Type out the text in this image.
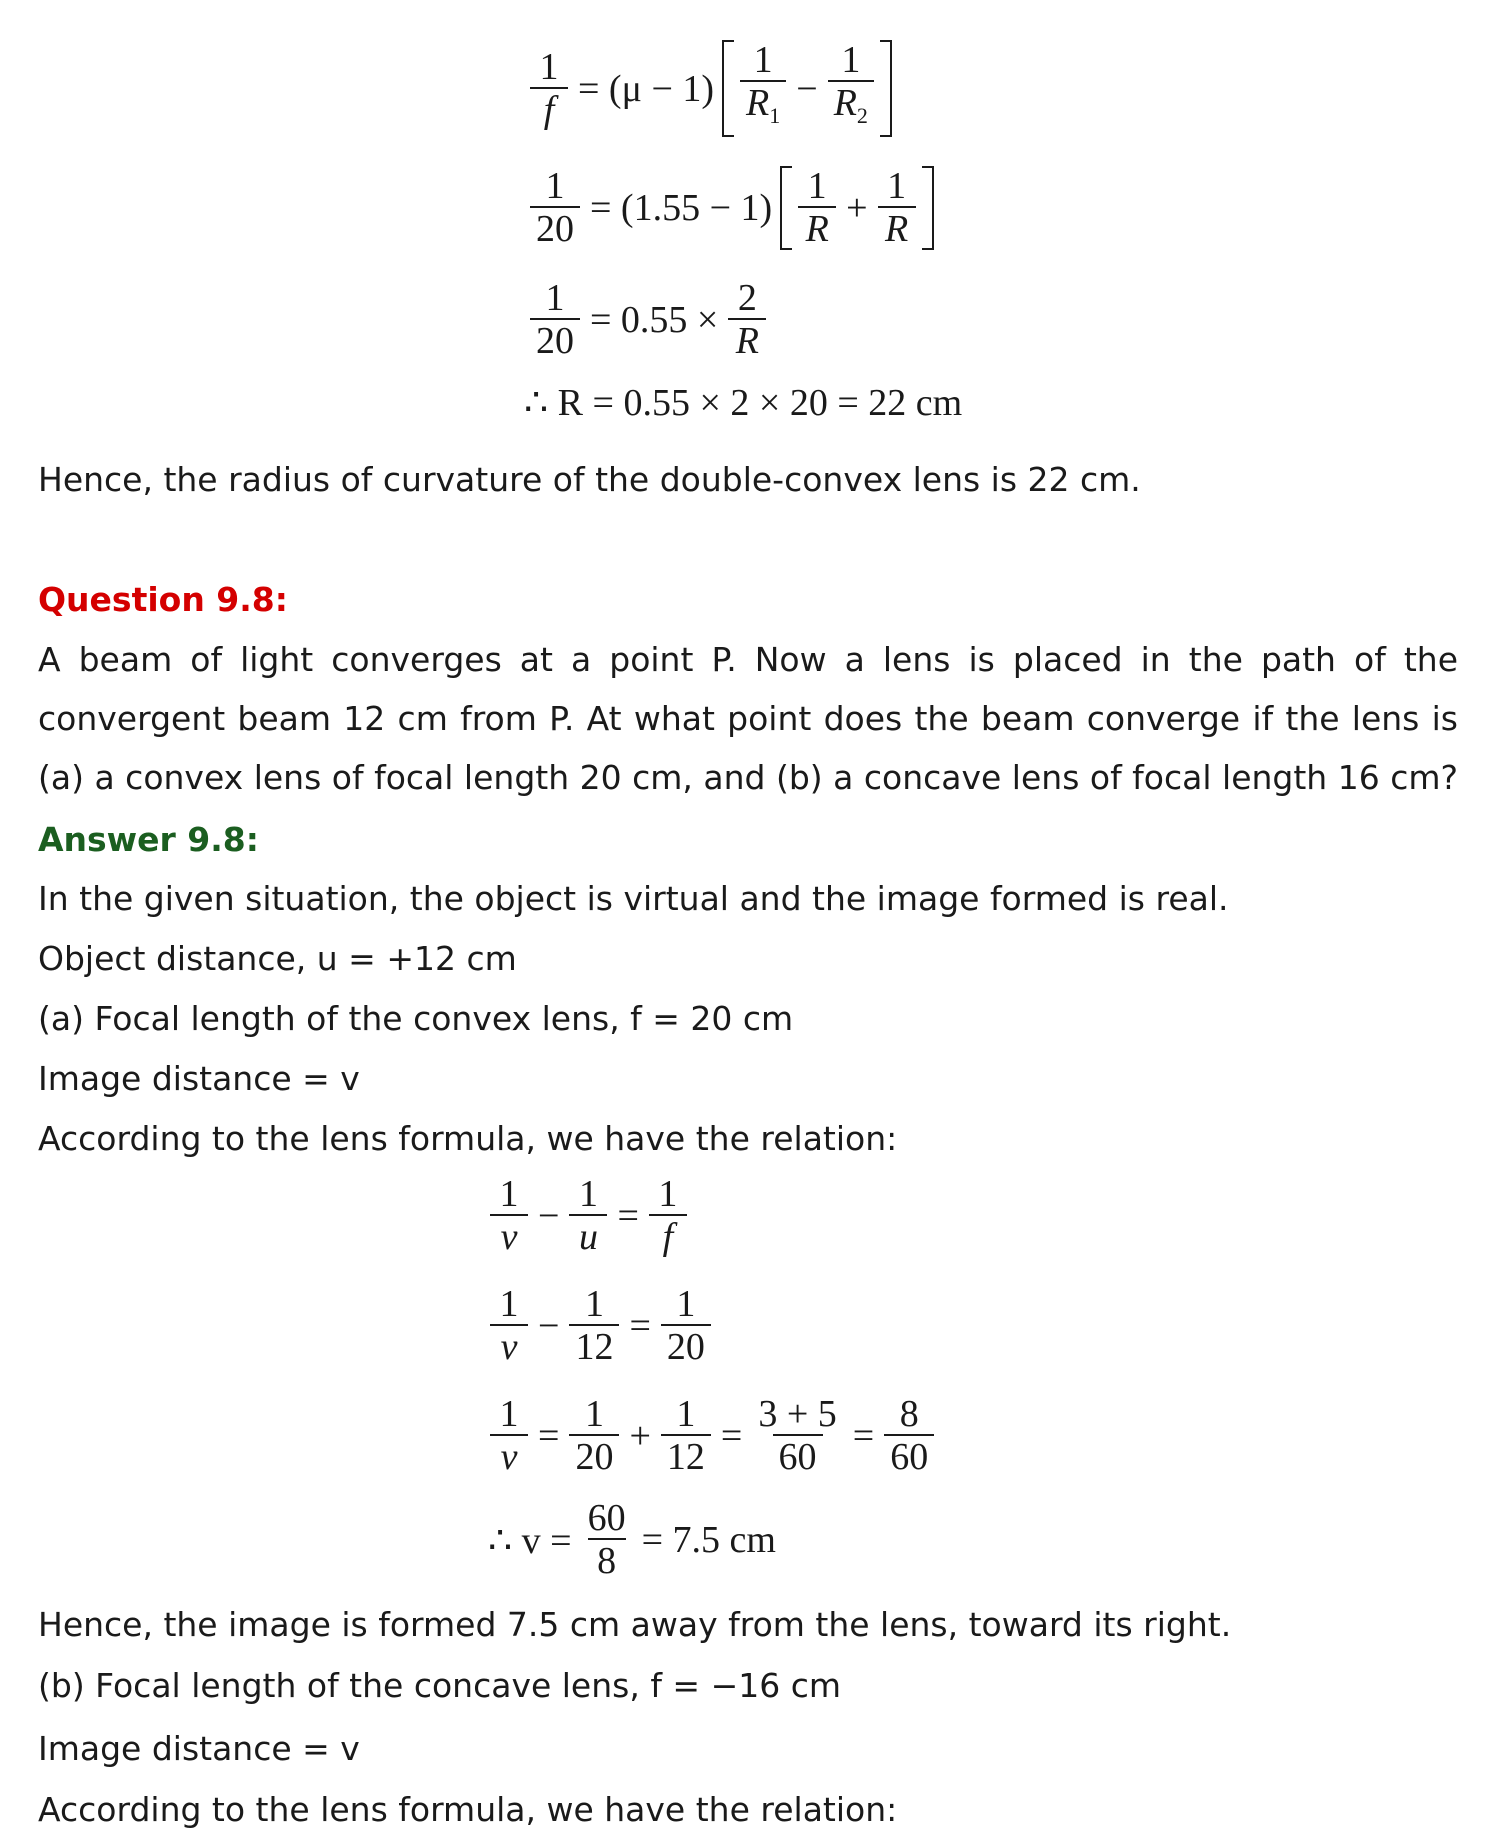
$\frac{1}{f} = (\mu - 1) \frac{1}{R_1} - \frac{1}{R_2}$
$\frac{1}{20} = (1.55 - 1) \frac{1}{R} + \frac{1}{R}$
$\frac{1}{20} = 0.55 \times \frac{2}{R}$
∴ R = 0.55 × 2 × 20 = 22 cm

Hence, the radius of curvature of the double-convex lens is 22 cm.

Question 9.8:

A beam of light converges at a point P. Now a lens is placed in the path of the

convergent beam 12 cm from P. At what point does the beam converge if the lens is

(a) a convex lens of focal length 20 cm, and (b) a concave lens of focal length 16 cm?

Answer 9.8:

In the given situation, the object is virtual and the image formed is real.

Object distance, u = +12 cm

(a) Focal length of the convex lens, f = 20 cm

Image distance = v

According to the lens formula, we have the relation:

$\frac{1}{v} - \frac{1}{u} = \frac{1}{f}$
$\frac{1}{v} - \frac{1}{12} = \frac{1}{20}$
$\frac{1}{v} = \frac{1}{20} + \frac{1}{12} = \frac{3 + 5}{60} = \frac{8}{60}$
∴ $v = \frac{60}{8} = 7.5$ cm

Hence, the image is formed 7.5 cm away from the lens, toward its right.

(b) Focal length of the concave lens, f = −16 cm

Image distance = v

According to the lens formula, we have the relation:
